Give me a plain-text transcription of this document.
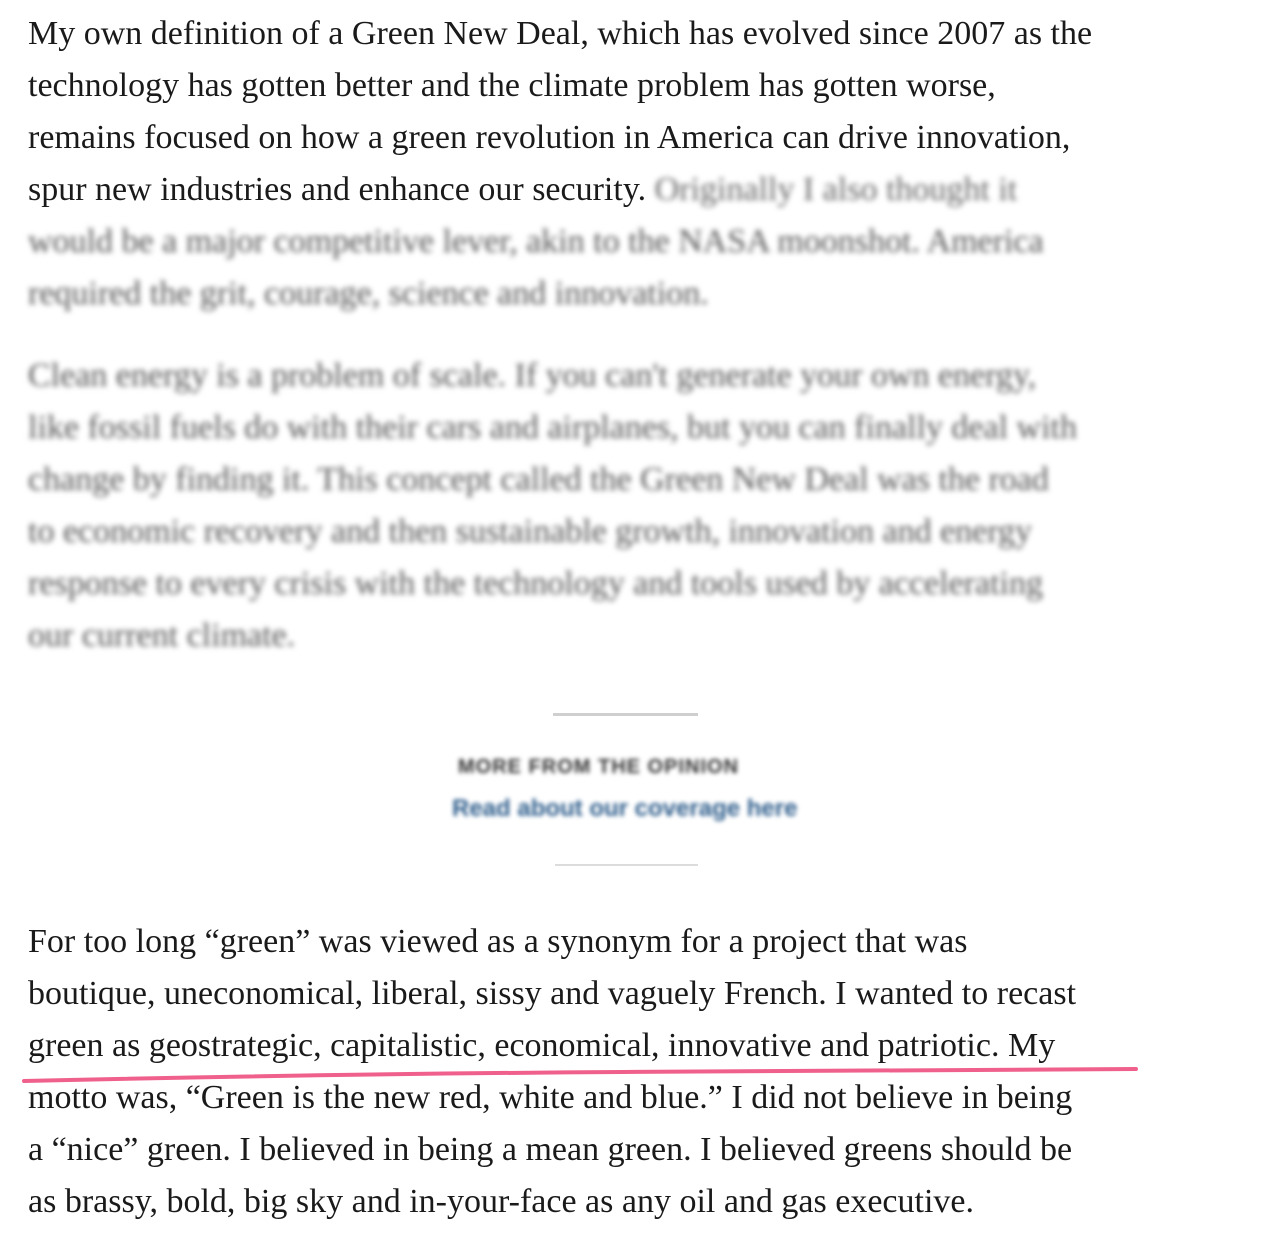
My own definition of a Green New Deal, which has evolved since 2007 as the
technology has gotten better and the climate problem has gotten worse,
remains focused on how a green revolution in America can drive innovation,
spur new industries and enhance our security. Originally I also thought it
would be a major competitive lever, akin to the NASA moonshot. America
required the grit, courage, science and innovation.
Clean energy is a problem of scale. If you can't generate your own energy,
like fossil fuels do with their cars and airplanes, but you can finally deal with
change by finding it. This concept called the Green New Deal was the road
to economic recovery and then sustainable growth, innovation and energy
response to every crisis with the technology and tools used by accelerating
our current climate.
MORE FROM THE OPINION
Read about our coverage here
For too long “green” was viewed as a synonym for a project that was
boutique, uneconomical, liberal, sissy and vaguely French. I wanted to recast
green as geostrategic, capitalistic, economical, innovative and patriotic. My
motto was, “Green is the new red, white and blue.” I did not believe in being
a “nice” green. I believed in being a mean green. I believed greens should be
as brassy, bold, big sky and in-your-face as any oil and gas executive.
